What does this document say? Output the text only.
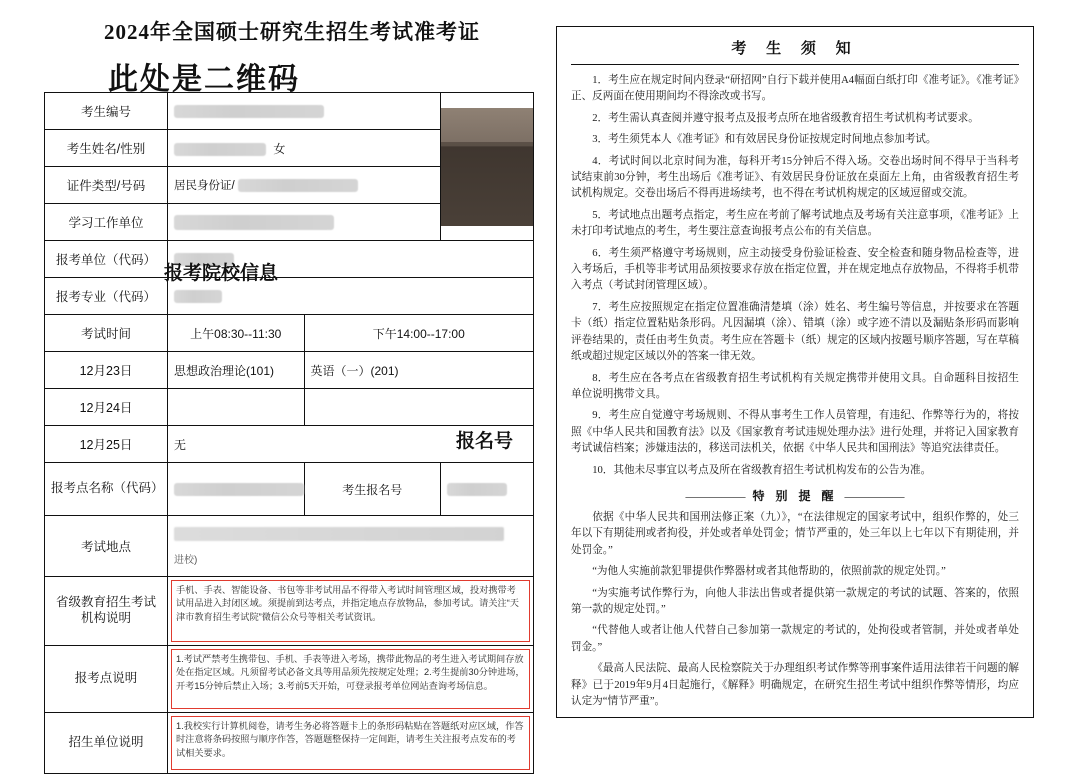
2024年全国硕士研究生招生考试准考证
此处是二维码
考生编号			

考生姓名/性别	女		
证件类型/号码	居民身份证/		
学习工作单位			
报考单位（代码）			
报考专业（代码）			
考试时间	上午08:30--11:30	下午14:00--17:00	
12月23日	思想政治理论(101)	英语（一）(201)	
12月24日			
12月25日	无		
报考点名称（代码）		考生报名号	
考试地点	进校)		
省级教育招生考试机构说明	手机、手表、智能设备、书包等非考试用品不得带入考试时间管理区域，投对携带考试用品进入封闭区域。须提前到达考点，并指定地点存放物品，参加考试。请关注“天津市教育招生考试院”微信公众号等相关考试资讯。		

报考点说明	1.考试严禁考生携带包、手机、手表等进入考场，携带此物品的考生进入考试期间存放处在指定区域。凡须留考试必备文具等用品须先按规定处理；2.考生提前30分钟进场，开考15分钟后禁止入场；3.考前5天开始，可登录报考单位网站查询考场信息。		

招生单位说明	1.我校实行计算机阅卷，请考生务必将答题卡上的条形码粘贴在答题纸对应区域，作答时注意将条码按照与顺序作答，答题题整保持一定间距，请考生关注报考点发布的考试相关要求。		
报考院校信息
报名号
考 生 须 知

1．考生应在规定时间内登录“研招网”自行下载并使用A4幅面白纸打印《准考证》。《准考证》正、反两面在使用期间均不得涂改或书写。

2．考生需认真查阅并遵守报考点及报考点所在地省级教育招生考试机构考试要求。

3．考生须凭本人《准考证》和有效居民身份证按规定时间地点参加考试。

4．考试时间以北京时间为准，每科开考15分钟后不得入场。交卷出场时间不得早于当科考试结束前30分钟，考生出场后《准考证》、有效居民身份证放在桌面左上角，由省级教育招生考试机构规定。交卷出场后不得再进场续考，也不得在考试机构规定的区域逗留或交流。

5．考试地点出题考点指定，考生应在考前了解考试地点及考场有关注意事项，《准考证》上未打印考试地点的考生，考生要注意查询报考点公布的有关信息。

6．考生须严格遵守考场规则，应主动接受身份验证检查、安全检查和随身物品检查等，进入考场后，手机等非考试用品须按要求存放在指定位置，并在规定地点存放物品，不得将手机带入考点（考试封闭管理区域）。

7．考生应按照规定在指定位置准确清楚填（涂）姓名、考生编号等信息，并按要求在答题卡（纸）指定位置粘贴条形码。凡因漏填（涂）、错填（涂）或字迹不清以及漏贴条形码而影响评卷结果的，责任由考生负责。考生应在答题卡（纸）规定的区域内按题号顺序答题，写在草稿纸或超过规定区域以外的答案一律无效。

8．考生应在各考点在省级教育招生考试机构有关规定携带并使用文具。自命题科目按招生单位说明携带文具。

9．考生应自觉遵守考场规则、不得从事考生工作人员管理，有违纪、作弊等行为的，将按照《中华人民共和国教育法》以及《国家教育考试违规处理办法》进行处理，并将记入国家教育考试诚信档案；涉嫌违法的，移送司法机关，依据《中华人民共和国刑法》等追究法律责任。

10．其他未尽事宜以考点及所在省级教育招生考试机构发布的公告为准。

————— 特 别 提 醒 —————

依据《中华人民共和国刑法修正案（九）》，“在法律规定的国家考试中，组织作弊的，处三年以下有期徒刑或者拘役，并处或者单处罚金；情节严重的，处三年以上七年以下有期徒刑，并处罚金。”

“为他人实施前款犯罪提供作弊器材或者其他帮助的，依照前款的规定处罚。”

“为实施考试作弊行为，向他人非法出售或者提供第一款规定的考试的试题、答案的，依照第一款的规定处罚。”

“代替他人或者让他人代替自己参加第一款规定的考试的，处拘役或者管制，并处或者单处罚金。”

《最高人民法院、最高人民检察院关于办理组织考试作弊等刑事案件适用法律若干问题的解释》已于2019年9月4日起施行，《解释》明确规定，在研究生招生考试中组织作弊等情形，均应认定为“情节严重”。
